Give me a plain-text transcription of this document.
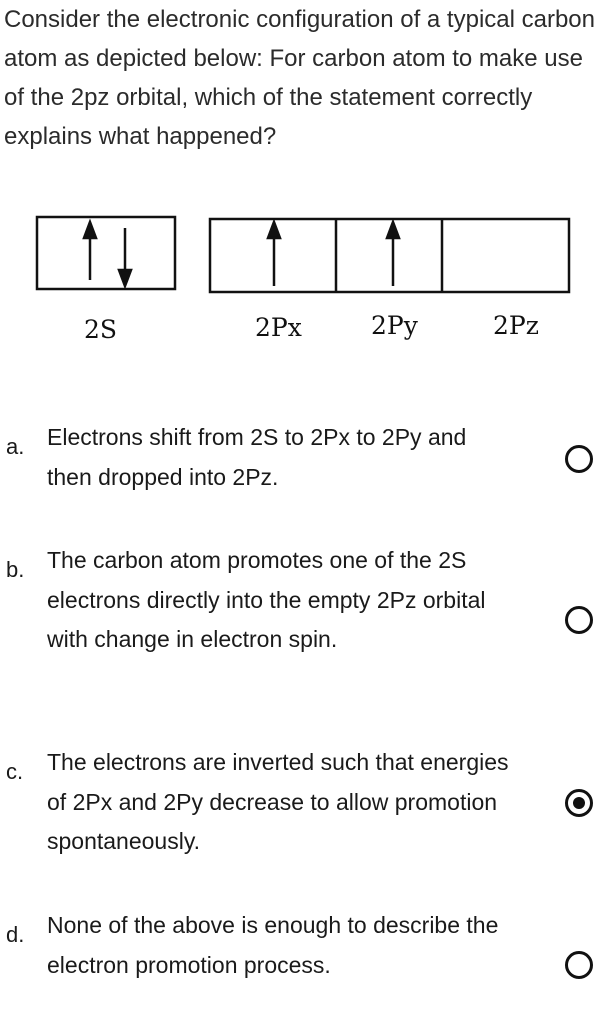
Consider the electronic configuration of a typical carbon atom as depicted below: For carbon atom to make use of the 2pᴢ orbital, which of the statement correctly explains what happened?
2S	2Px	2Py	2Pz
a. Electrons shift from 2S to 2Px to 2Py and then dropped into 2Pz.
b. The carbon atom promotes one of the 2S electrons directly into the empty 2Pz orbital with change in electron spin.
c. The electrons are inverted such that energies of 2Px and 2Py decrease to allow promotion spontaneously.
d. None of the above is enough to describe the electron promotion process.
